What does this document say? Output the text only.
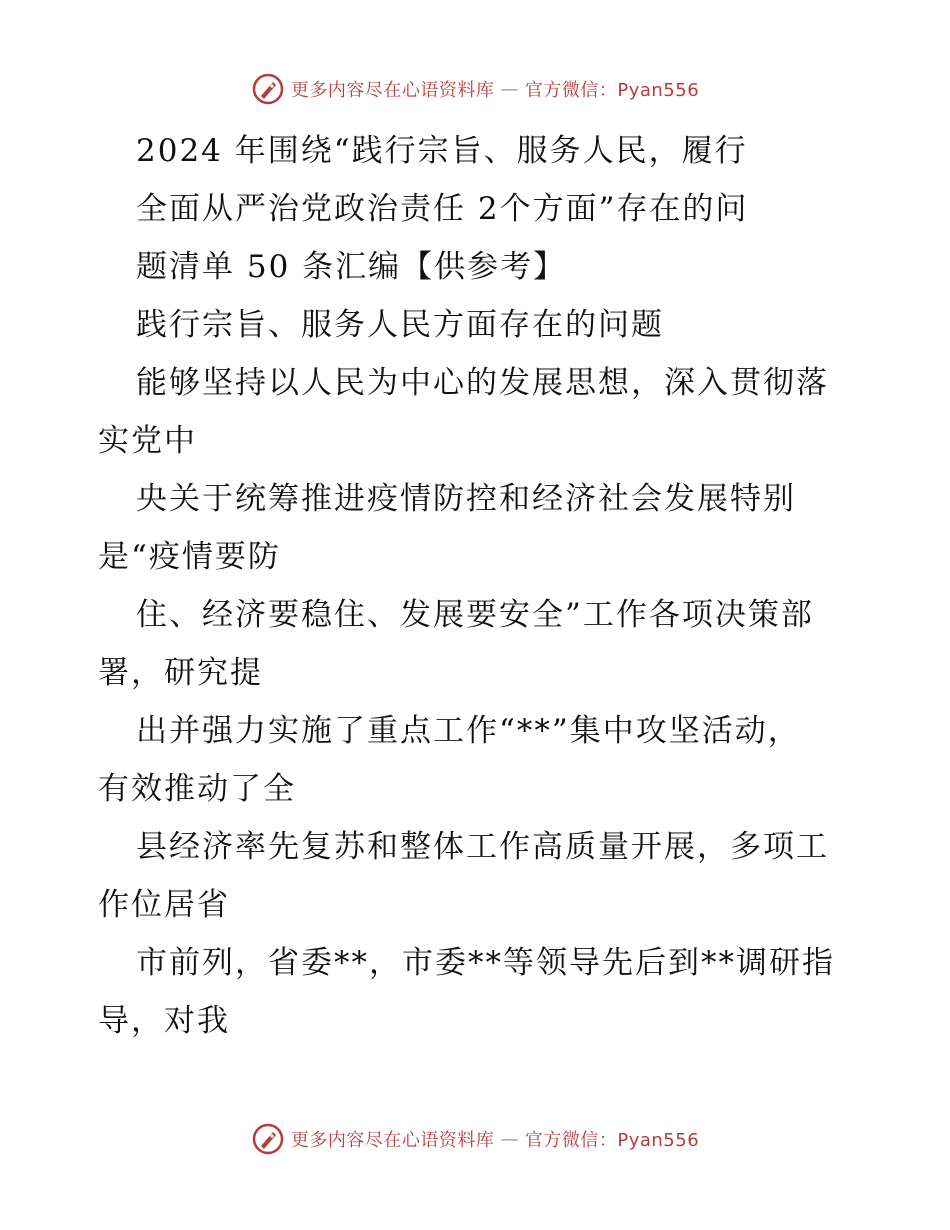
更多内容尽在心语资料库 — 官方微信：Pyan556
2024 年围绕“践行宗旨、服务人民，履行
全面从严治党政治责任 2个方面”存在的问
题清单 50 条汇编【供参考】
践行宗旨、服务人民方面存在的问题
能够坚持以人民为中心的发展思想，深入贯彻落
实党中
央关于统筹推进疫情防控和经济社会发展特别
是“疫情要防
住、经济要稳住、发展要安全”工作各项决策部
署，研究提
出并强力实施了重点工作“**”集中攻坚活动，
有效推动了全
县经济率先复苏和整体工作高质量开展，多项工
作位居省
市前列，省委**，市委**等领导先后到**调研指
导，对我
更多内容尽在心语资料库 — 官方微信：Pyan556
